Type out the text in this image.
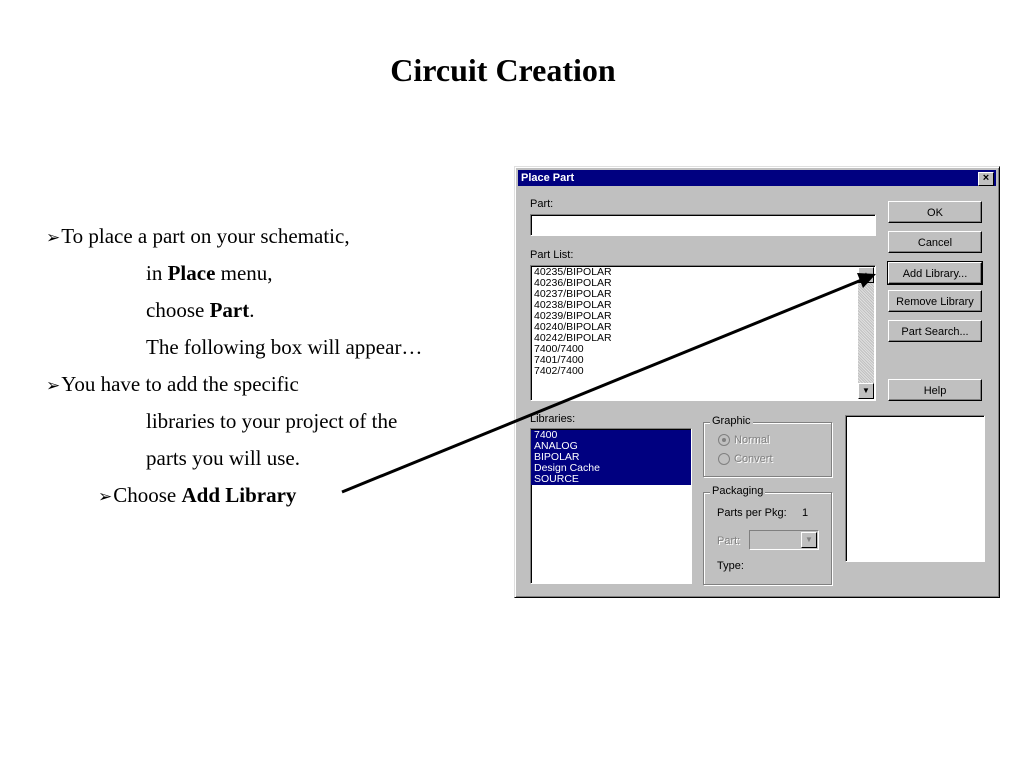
Circuit Creation
➢To place a part on your schematic,
in Place menu,
choose Part.
The following box will appear…
➢You have to add the specific
libraries to your project of the
parts you will use.
➢Choose Add Library
Place Part	×
Part:
Part List:
40235/BIPOLAR
40236/BIPOLAR
40237/BIPOLAR
40238/BIPOLAR
40239/BIPOLAR
40240/BIPOLAR
40242/BIPOLAR
7400/7400
7401/7400
7402/7400
▼
OK
Cancel
Add Library...
Remove Library
Part Search...
Help
Libraries:
7400
ANALOG
BIPOLAR
Design Cache
SOURCE
Graphic
Normal
Convert
Packaging
Parts per Pkg: 1
Part:	▼
Type:
